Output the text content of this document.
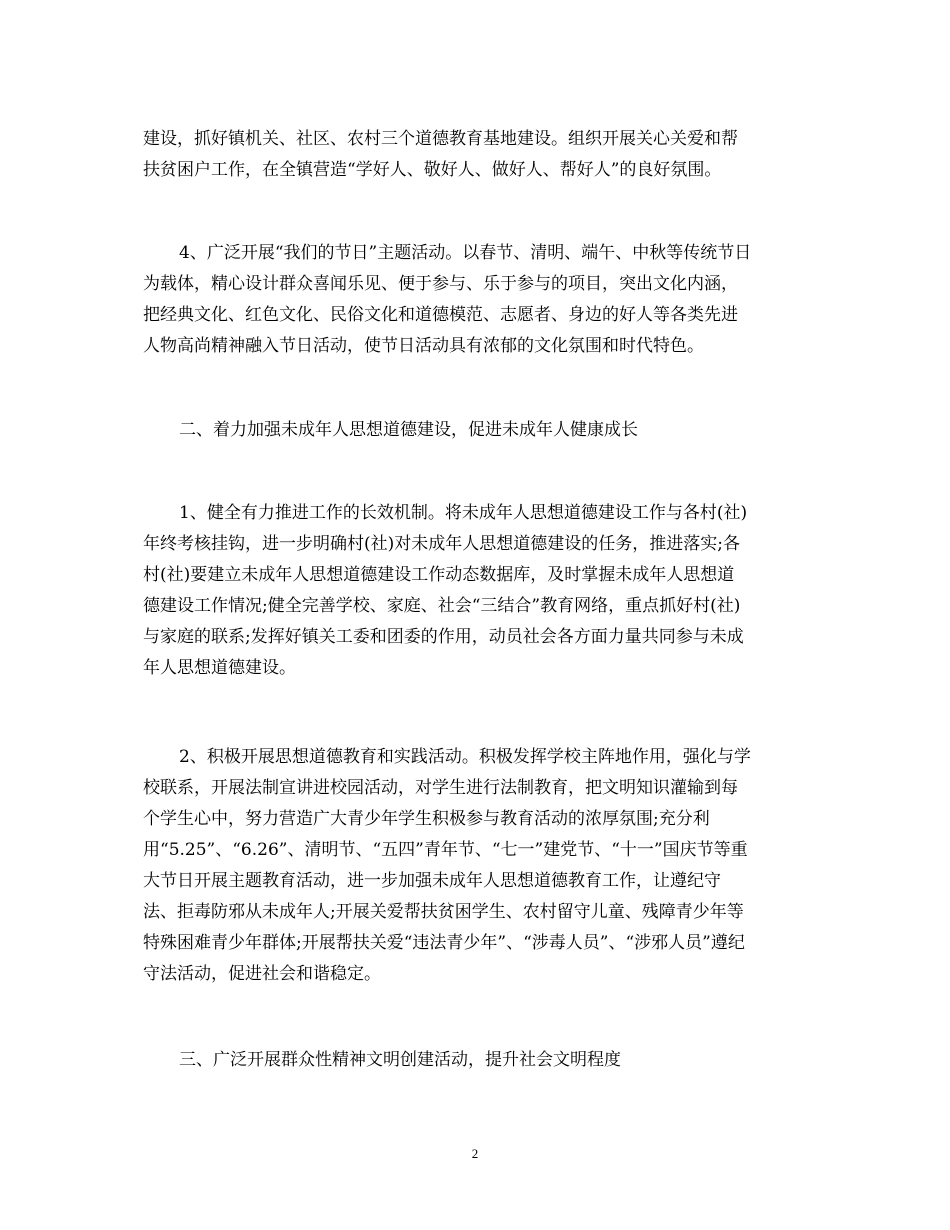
建设，抓好镇机关、社区、农村三个道德教育基地建设。组织开展关心关爱和帮
扶贫困户工作，在全镇营造“学好人、敬好人、做好人、帮好人”的良好氛围。
4、广泛开展“我们的节日”主题活动。以春节、清明、端午、中秋等传统节日
为载体，精心设计群众喜闻乐见、便于参与、乐于参与的项目，突出文化内涵，
把经典文化、红色文化、民俗文化和道德模范、志愿者、身边的好人等各类先进
人物高尚精神融入节日活动，使节日活动具有浓郁的文化氛围和时代特色。
二、着力加强未成年人思想道德建设，促进未成年人健康成长
1、健全有力推进工作的长效机制。将未成年人思想道德建设工作与各村(社)
年终考核挂钩，进一步明确村(社)对未成年人思想道德建设的任务，推进落实;各
村(社)要建立未成年人思想道德建设工作动态数据库，及时掌握未成年人思想道
德建设工作情况;健全完善学校、家庭、社会“三结合”教育网络，重点抓好村(社)
与家庭的联系;发挥好镇关工委和团委的作用，动员社会各方面力量共同参与未成
年人思想道德建设。
2、积极开展思想道德教育和实践活动。积极发挥学校主阵地作用，强化与学
校联系，开展法制宣讲进校园活动，对学生进行法制教育，把文明知识灌输到每
个学生心中，努力营造广大青少年学生积极参与教育活动的浓厚氛围;充分利
用“5.25”、“6.26”、清明节、“五四”青年节、“七一”建党节、“十一”国庆节等重
大节日开展主题教育活动，进一步加强未成年人思想道德教育工作，让遵纪守
法、拒毒防邪从未成年人;开展关爱帮扶贫困学生、农村留守儿童、残障青少年等
特殊困难青少年群体;开展帮扶关爱“违法青少年”、“涉毒人员”、“涉邪人员”遵纪
守法活动，促进社会和谐稳定。
三、广泛开展群众性精神文明创建活动，提升社会文明程度
2
